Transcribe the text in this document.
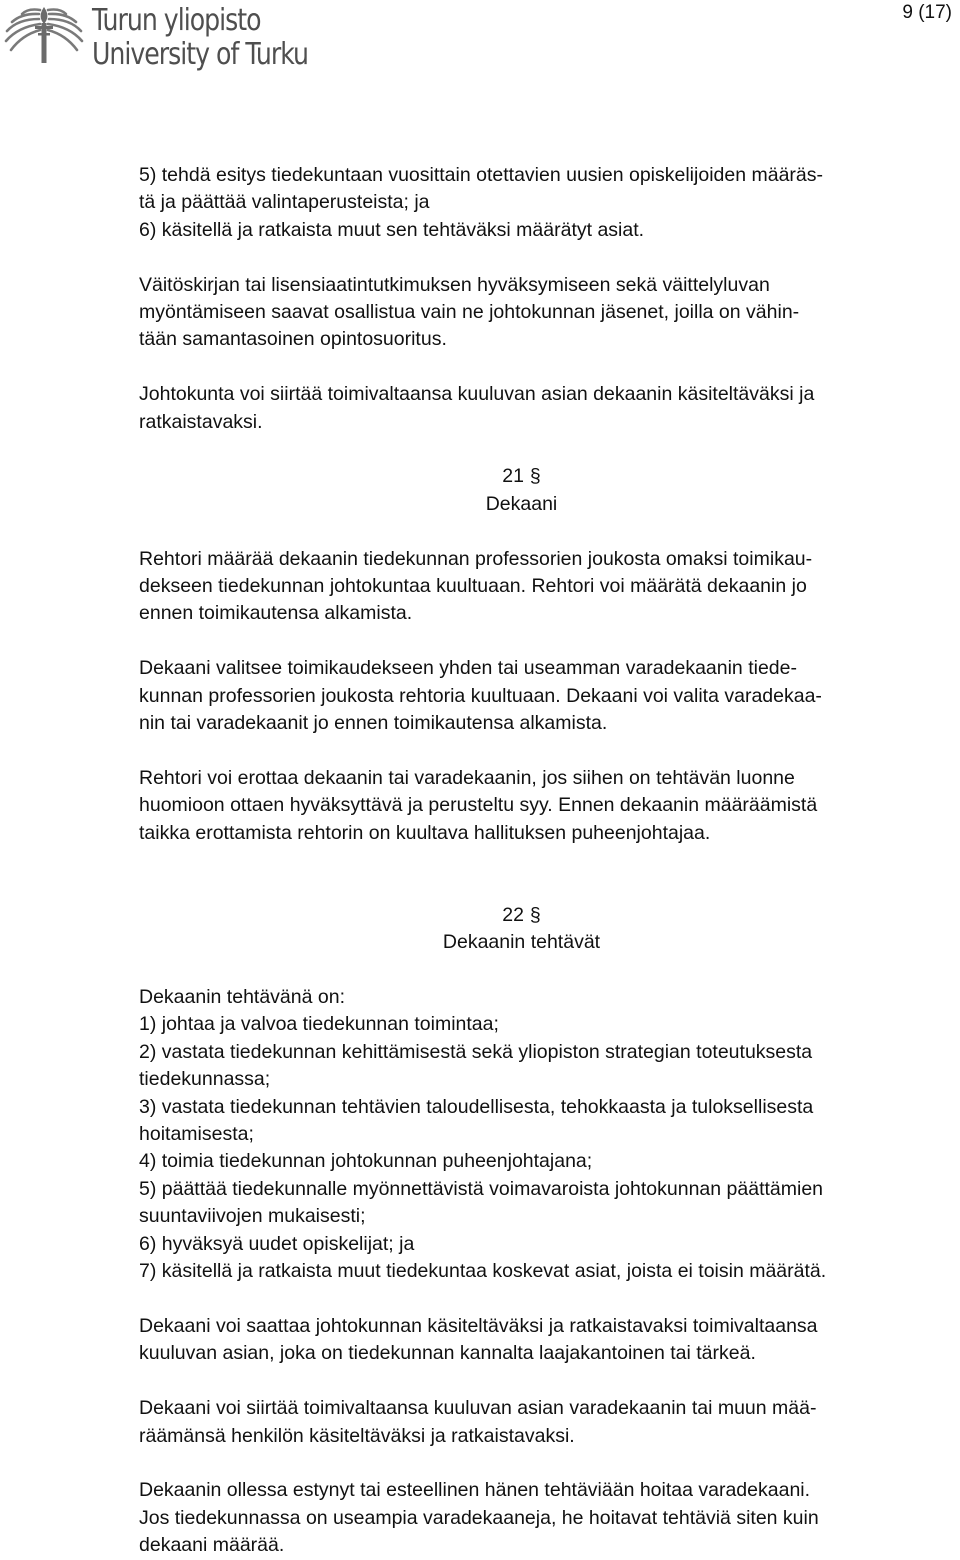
Turun yliopisto
University of Turku
9 (17)

5) tehdä esitys tiedekuntaan vuosittain otettavien uusien opiskelijoiden määräs-
tä ja päättää valintaperusteista; ja
6) käsitellä ja ratkaista muut sen tehtäväksi määrätyt asiat.

Väitöskirjan tai lisensiaatintutkimuksen hyväksymiseen sekä väittelyluvan
myöntämiseen saavat osallistua vain ne johtokunnan jäsenet, joilla on vähin-
tään samantasoinen opintosuoritus.

Johtokunta voi siirtää toimivaltaansa kuuluvan asian dekaanin käsiteltäväksi ja
ratkaistavaksi.

21 §
Dekaani

Rehtori määrää dekaanin tiedekunnan professorien joukosta omaksi toimikau-
dekseen tiedekunnan johtokuntaa kuultuaan. Rehtori voi määrätä dekaanin jo
ennen toimikautensa alkamista.

Dekaani valitsee toimikaudekseen yhden tai useamman varadekaanin tiede-
kunnan professorien joukosta rehtoria kuultuaan. Dekaani voi valita varadekaa-
nin tai varadekaanit jo ennen toimikautensa alkamista.

Rehtori voi erottaa dekaanin tai varadekaanin, jos siihen on tehtävän luonne
huomioon ottaen hyväksyttävä ja perusteltu syy. Ennen dekaanin määräämistä
taikka erottamista rehtorin on kuultava hallituksen puheenjohtajaa.

22 §
Dekaanin tehtävät

Dekaanin tehtävänä on:
1) johtaa ja valvoa tiedekunnan toimintaa;
2) vastata tiedekunnan kehittämisestä sekä yliopiston strategian toteutuksesta
tiedekunnassa;
3) vastata tiedekunnan tehtävien taloudellisesta, tehokkaasta ja tuloksellisesta
hoitamisesta;
4) toimia tiedekunnan johtokunnan puheenjohtajana;
5) päättää tiedekunnalle myönnettävistä voimavaroista johtokunnan päättämien
suuntaviivojen mukaisesti;
6) hyväksyä uudet opiskelijat; ja
7) käsitellä ja ratkaista muut tiedekuntaa koskevat asiat, joista ei toisin määrätä.

Dekaani voi saattaa johtokunnan käsiteltäväksi ja ratkaistavaksi toimivaltaansa
kuuluvan asian, joka on tiedekunnan kannalta laajakantoinen tai tärkeä.

Dekaani voi siirtää toimivaltaansa kuuluvan asian varadekaanin tai muun mää-
räämänsä henkilön käsiteltäväksi ja ratkaistavaksi.

Dekaanin ollessa estynyt tai esteellinen hänen tehtäviään hoitaa varadekaani.
Jos tiedekunnassa on useampia varadekaaneja, he hoitavat tehtäviä siten kuin
dekaani määrää.
